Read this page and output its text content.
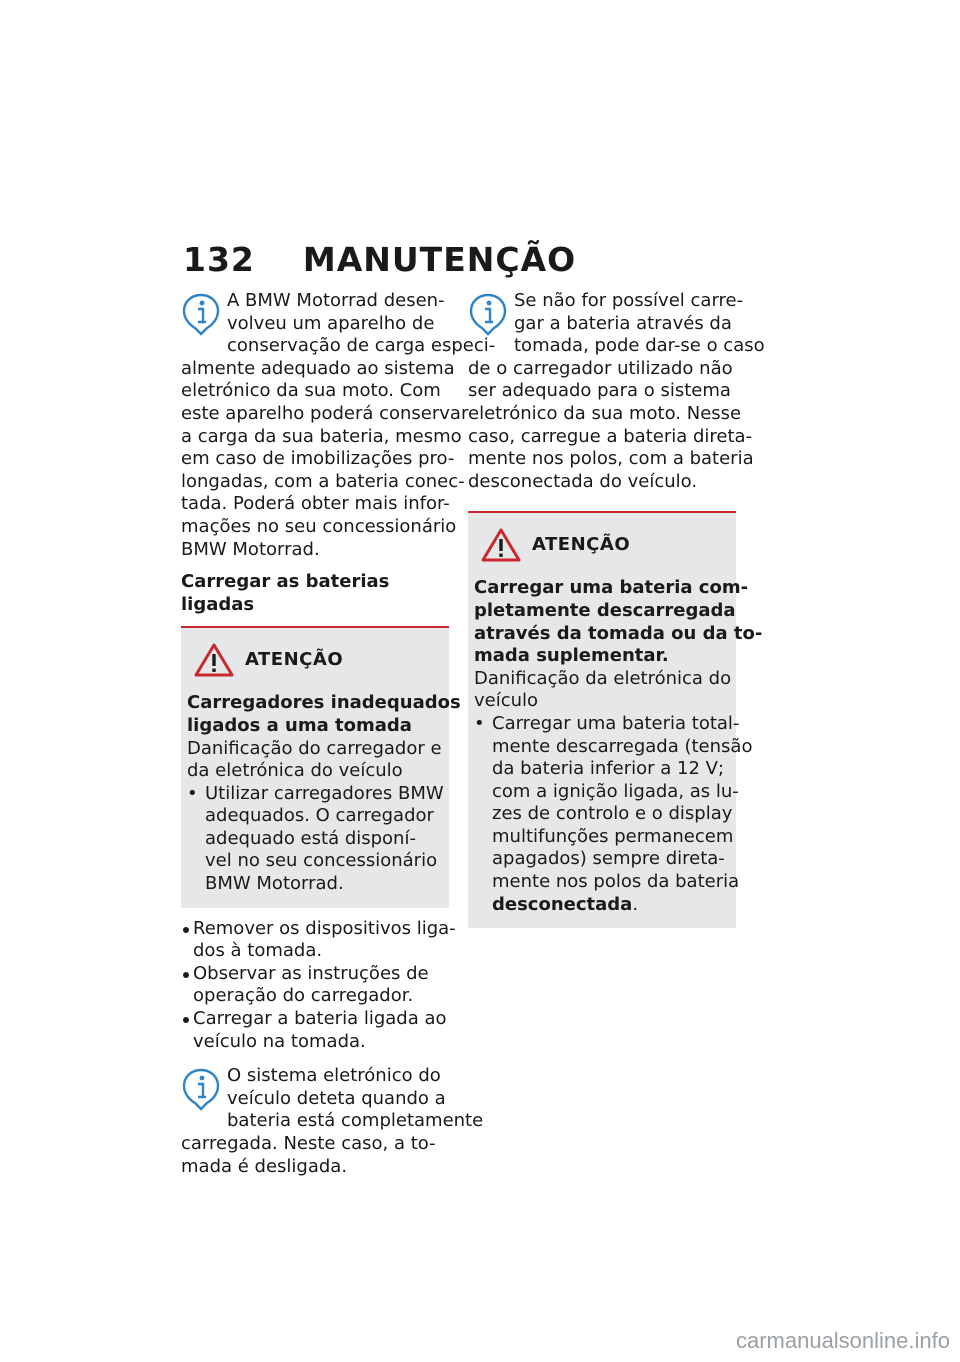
132 MANUTENÇÃO

A BMW Motorrad desen-
volveu um aparelho de
conservação de carga especi-
almente adequado ao sistema
eletrónico da sua moto. Com
este aparelho poderá conservar
a carga da sua bateria, mesmo
em caso de imobilizações pro-
longadas, com a bateria conec-
tada. Poderá obter mais infor-
mações no seu concessionário
BMW Motorrad.

Carregar as baterias ligadas
ATENÇÃO

Carregadores inadequados
ligados a uma tomada

Danificação do carregador e
da eletrónica do veículo

• Utilizar carregadores BMW
adequados. O carregador
adequado está disponí-
vel no seu concessionário
BMW Motorrad.
Remover os dispositivos liga-
dos à tomada.
Observar as instruções de
operação do carregador.
Carregar a bateria ligada ao
veículo na tomada.

O sistema eletrónico do
veículo deteta quando a
bateria está completamente
carregada. Neste caso, a to-
mada é desligada.

Se não for possível carre-
gar a bateria através da
tomada, pode dar-se o caso
de o carregador utilizado não
ser adequado para o sistema
eletrónico da sua moto. Nesse
caso, carregue a bateria direta-
mente nos polos, com a bateria
desconectada do veículo.

ATENÇÃO

Carregar uma bateria com-
pletamente descarregada
através da tomada ou da to-
mada suplementar.

Danificação da eletrónica do
veículo

• Carregar uma bateria total-
mente descarregada (tensão
da bateria inferior a 12 V;
com a ignição ligada, as lu-
zes de controlo e o display
multifunções permanecem
apagados) sempre direta-
mente nos polos da bateria
desconectada.
carmanualsonline.info
